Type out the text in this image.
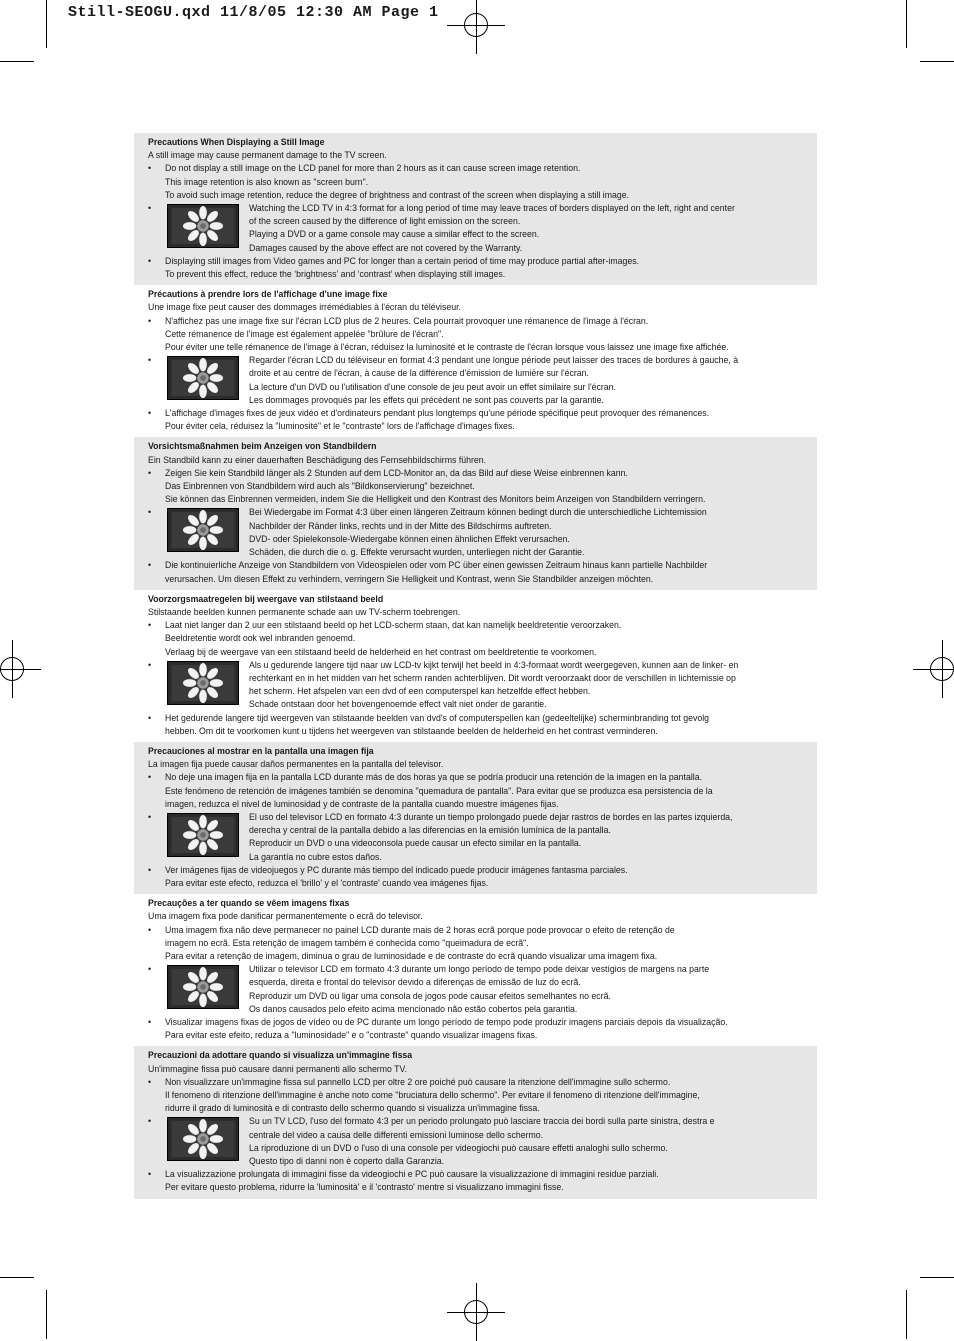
Still-SEOGU.qxd 11/8/05 12:30 AM Page 1
Precautions When Displaying a Still Image

A still image may cause permanent damage to the TV screen.

• Do not display a still image on the LCD panel for more than 2 hours as it can cause screen image retention.
This image retention is also known as "screen burn".
To avoid such image retention, reduce the degree of brightness and contrast of the screen when displaying a still image.
• Watching the LCD TV in 4:3 format for a long period of time may leave traces of borders displayed on the left, right and center
of the screen caused by the difference of light emission on the screen.
Playing a DVD or a game console may cause a similar effect to the screen.
Damages caused by the above effect are not covered by the Warranty.
• Displaying still images from Video games and PC for longer than a certain period of time may produce partial after-images.
To prevent this effect, reduce the ‘brightness’ and ‘contrast’ when displaying still images.
Précautions à prendre lors de l'affichage d'une image fixe

Une image fixe peut causer des dommages irrémédiables à l'écran du téléviseur.

• N'affichez pas une image fixe sur l'écran LCD plus de 2 heures. Cela pourrait provoquer une rémanence de l'image à l'écran.
Cette rémanence de l'image est également appelée "brûlure de l'écran".
Pour éviter une telle rémanence de l'image à l'écran, réduisez la luminosité et le contraste de l'écran lorsque vous laissez une image fixe affichée.
• Regarder l'écran LCD du téléviseur en format 4:3 pendant une longue période peut laisser des traces de bordures à gauche, à
droite et au centre de l'écran, à cause de la différence d'émission de lumière sur l'écran.
La lecture d'un DVD ou l'utilisation d'une console de jeu peut avoir un effet similaire sur l'écran.
Les dommages provoqués par les effets qui précèdent ne sont pas couverts par la garantie.
• L'affichage d'images fixes de jeux vidéo et d'ordinateurs pendant plus longtemps qu'une période spécifique peut provoquer des rémanences.
Pour éviter cela, réduisez la "luminosité" et le "contraste" lors de l'affichage d'images fixes.
Vorsichtsmaßnahmen beim Anzeigen von Standbildern

Ein Standbild kann zu einer dauerhaften Beschädigung des Fernsehbildschirms führen.

• Zeigen Sie kein Standbild länger als 2 Stunden auf dem LCD-Monitor an, da das Bild auf diese Weise einbrennen kann.
Das Einbrennen von Standbildern wird auch als "Bildkonservierung" bezeichnet.
Sie können das Einbrennen vermeiden, indem Sie die Helligkeit und den Kontrast des Monitors beim Anzeigen von Standbildern verringern.
• Bei Wiedergabe im Format 4:3 über einen längeren Zeitraum können bedingt durch die unterschiedliche Lichtemission
Nachbilder der Ränder links, rechts und in der Mitte des Bildschirms auftreten.
DVD- oder Spielekonsole-Wiedergabe können einen ähnlichen Effekt verursachen.
Schäden, die durch die o. g. Effekte verursacht wurden, unterliegen nicht der Garantie.
• Die kontinuierliche Anzeige von Standbildern von Videospielen oder vom PC über einen gewissen Zeitraum hinaus kann partielle Nachbilder
verursachen. Um diesen Effekt zu verhindern, verringern Sie Helligkeit und Kontrast, wenn Sie Standbilder anzeigen möchten.
Voorzorgsmaatregelen bij weergave van stilstaand beeld

Stilstaande beelden kunnen permanente schade aan uw TV-scherm toebrengen.

• Laat niet langer dan 2 uur een stilstaand beeld op het LCD-scherm staan, dat kan namelijk beeldretentie veroorzaken.
Beeldretentie wordt ook wel inbranden genoemd.
Verlaag bij de weergave van een stilstaand beeld de helderheid en het contrast om beeldretentie te voorkomen.
• Als u gedurende langere tijd naar uw LCD-tv kijkt terwijl het beeld in 4:3-formaat wordt weergegeven, kunnen aan de linker- en
rechterkant en in het midden van het scherm randen achterblijven. Dit wordt veroorzaakt door de verschillen in lichtemissie op
het scherm. Het afspelen van een dvd of een computerspel kan hetzelfde effect hebben.
Schade ontstaan door het bovengenoemde effect valt niet onder de garantie.
• Het gedurende langere tijd weergeven van stilstaande beelden van dvd's of computerspellen kan (gedeeltelijke) scherminbranding tot gevolg
hebben. Om dit te voorkomen kunt u tijdens het weergeven van stilstaande beelden de helderheid en het contrast verminderen.
Precauciones al mostrar en la pantalla una imagen fija

La imagen fija puede causar daños permanentes en la pantalla del televisor.

• No deje una imagen fija en la pantalla LCD durante más de dos horas ya que se podría producir una retención de la imagen en la pantalla.
Este fenómeno de retención de imágenes también se denomina "quemadura de pantalla". Para evitar que se produzca esa persistencia de la
imagen, reduzca el nivel de luminosidad y de contraste de la pantalla cuando muestre imágenes fijas.
• El uso del televisor LCD en formato 4:3 durante un tiempo prolongado puede dejar rastros de bordes en las partes izquierda,
derecha y central de la pantalla debido a las diferencias en la emisión lumínica de la pantalla.
Reproducir un DVD o una videoconsola puede causar un efecto similar en la pantalla.
La garantía no cubre estos daños.
• Ver imágenes fijas de videojuegos y PC durante más tiempo del indicado puede producir imágenes fantasma parciales.
Para evitar este efecto, reduzca el 'brillo' y el 'contraste' cuando vea imágenes fijas.
Precauções a ter quando se vêem imagens fixas

Uma imagem fixa pode danificar permanentemente o ecrã do televisor.

• Uma imagem fixa não deve permanecer no painel LCD durante mais de 2 horas ecrã porque pode provocar o efeito de retenção de
imagem no ecrã. Esta retenção de imagem também é conhecida como "queimadura de ecrã".
Para evitar a retenção de imagem, diminua o grau de luminosidade e de contraste do ecrã quando visualizar uma imagem fixa.
• Utilizar o televisor LCD em formato 4:3 durante um longo período de tempo pode deixar vestígios de margens na parte
esquerda, direita e frontal do televisor devido a diferenças de emissão de luz do ecrã.
Reproduzir um DVD ou ligar uma consola de jogos pode causar efeitos semelhantes no ecrã.
Os danos causados pelo efeito acima mencionado não estão cobertos pela garantia.
• Visualizar imagens fixas de jogos de vídeo ou de PC durante um longo período de tempo pode produzir imagens parciais depois da visualização.
Para evitar este efeito, reduza a "luminosidade" e o "contraste" quando visualizar imagens fixas.
Precauzioni da adottare quando si visualizza un'immagine fissa

Un'immagine fissa può causare danni permanenti allo schermo TV.

• Non visualizzare un'immagine fissa sul pannello LCD per oltre 2 ore poiché può causare la ritenzione dell'immagine sullo schermo.
Il fenomeno di ritenzione dell'immagine è anche noto come "bruciatura dello schermo". Per evitare il fenomeno di ritenzione dell'immagine,
ridurre il grado di luminosità e di contrasto dello schermo quando si visualizza un'immagine fissa.
• Su un TV LCD, l'uso del formato 4:3 per un periodo prolungato può lasciare traccia dei bordi sulla parte sinistra, destra e
centrale del video a causa delle differenti emissioni luminose dello schermo.
La riproduzione di un DVD o l'uso di una console per videogiochi può causare effetti analoghi sullo schermo.
Questo tipo di danni non è coperto dalla Garanzia.
• La visualizzazione prolungata di immagini fisse da videogiochi e PC può causare la visualizzazione di immagini residue parziali.
Per evitare questo problema, ridurre la 'luminosità' e il 'contrasto' mentre si visualizzano immagini fisse.
